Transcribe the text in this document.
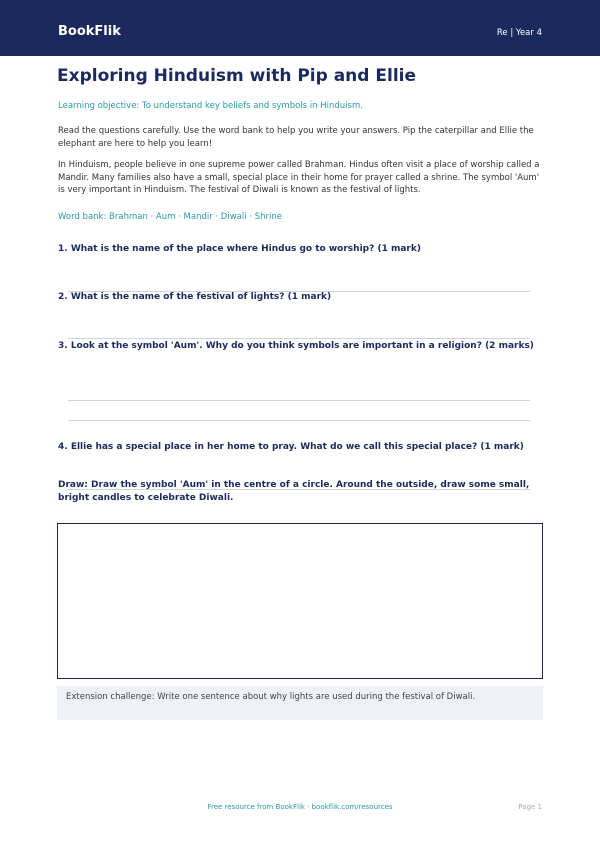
BookFlik	Re | Year 4
Exploring Hinduism with Pip and Ellie
Learning objective: To understand key beliefs and symbols in Hinduism.

Read the questions carefully. Use the word bank to help you write your answers. Pip the caterpillar and Ellie the elephant are here to help you learn!

In Hinduism, people believe in one supreme power called Brahman. Hindus often visit a place of worship called a Mandir. Many families also have a small, special place in their home for prayer called a shrine. The symbol 'Aum' is very important in Hinduism. The festival of Diwali is known as the festival of lights.

Word bank: Brahman · Aum · Mandir · Diwali · Shrine

1. What is the name of the place where Hindus go to worship? (1 mark)

2. What is the name of the festival of lights? (1 mark)

3. Look at the symbol 'Aum'. Why do you think symbols are important in a religion? (2 marks)

4. Ellie has a special place in her home to pray. What do we call this special place? (1 mark)

Draw: Draw the symbol 'Aum' in the centre of a circle. Around the outside, draw some small, bright candles to celebrate Diwali.

Extension challenge: Write one sentence about why lights are used during the festival of Diwali.
Free resource from BookFlik · bookflik.com/resources	Page 1
